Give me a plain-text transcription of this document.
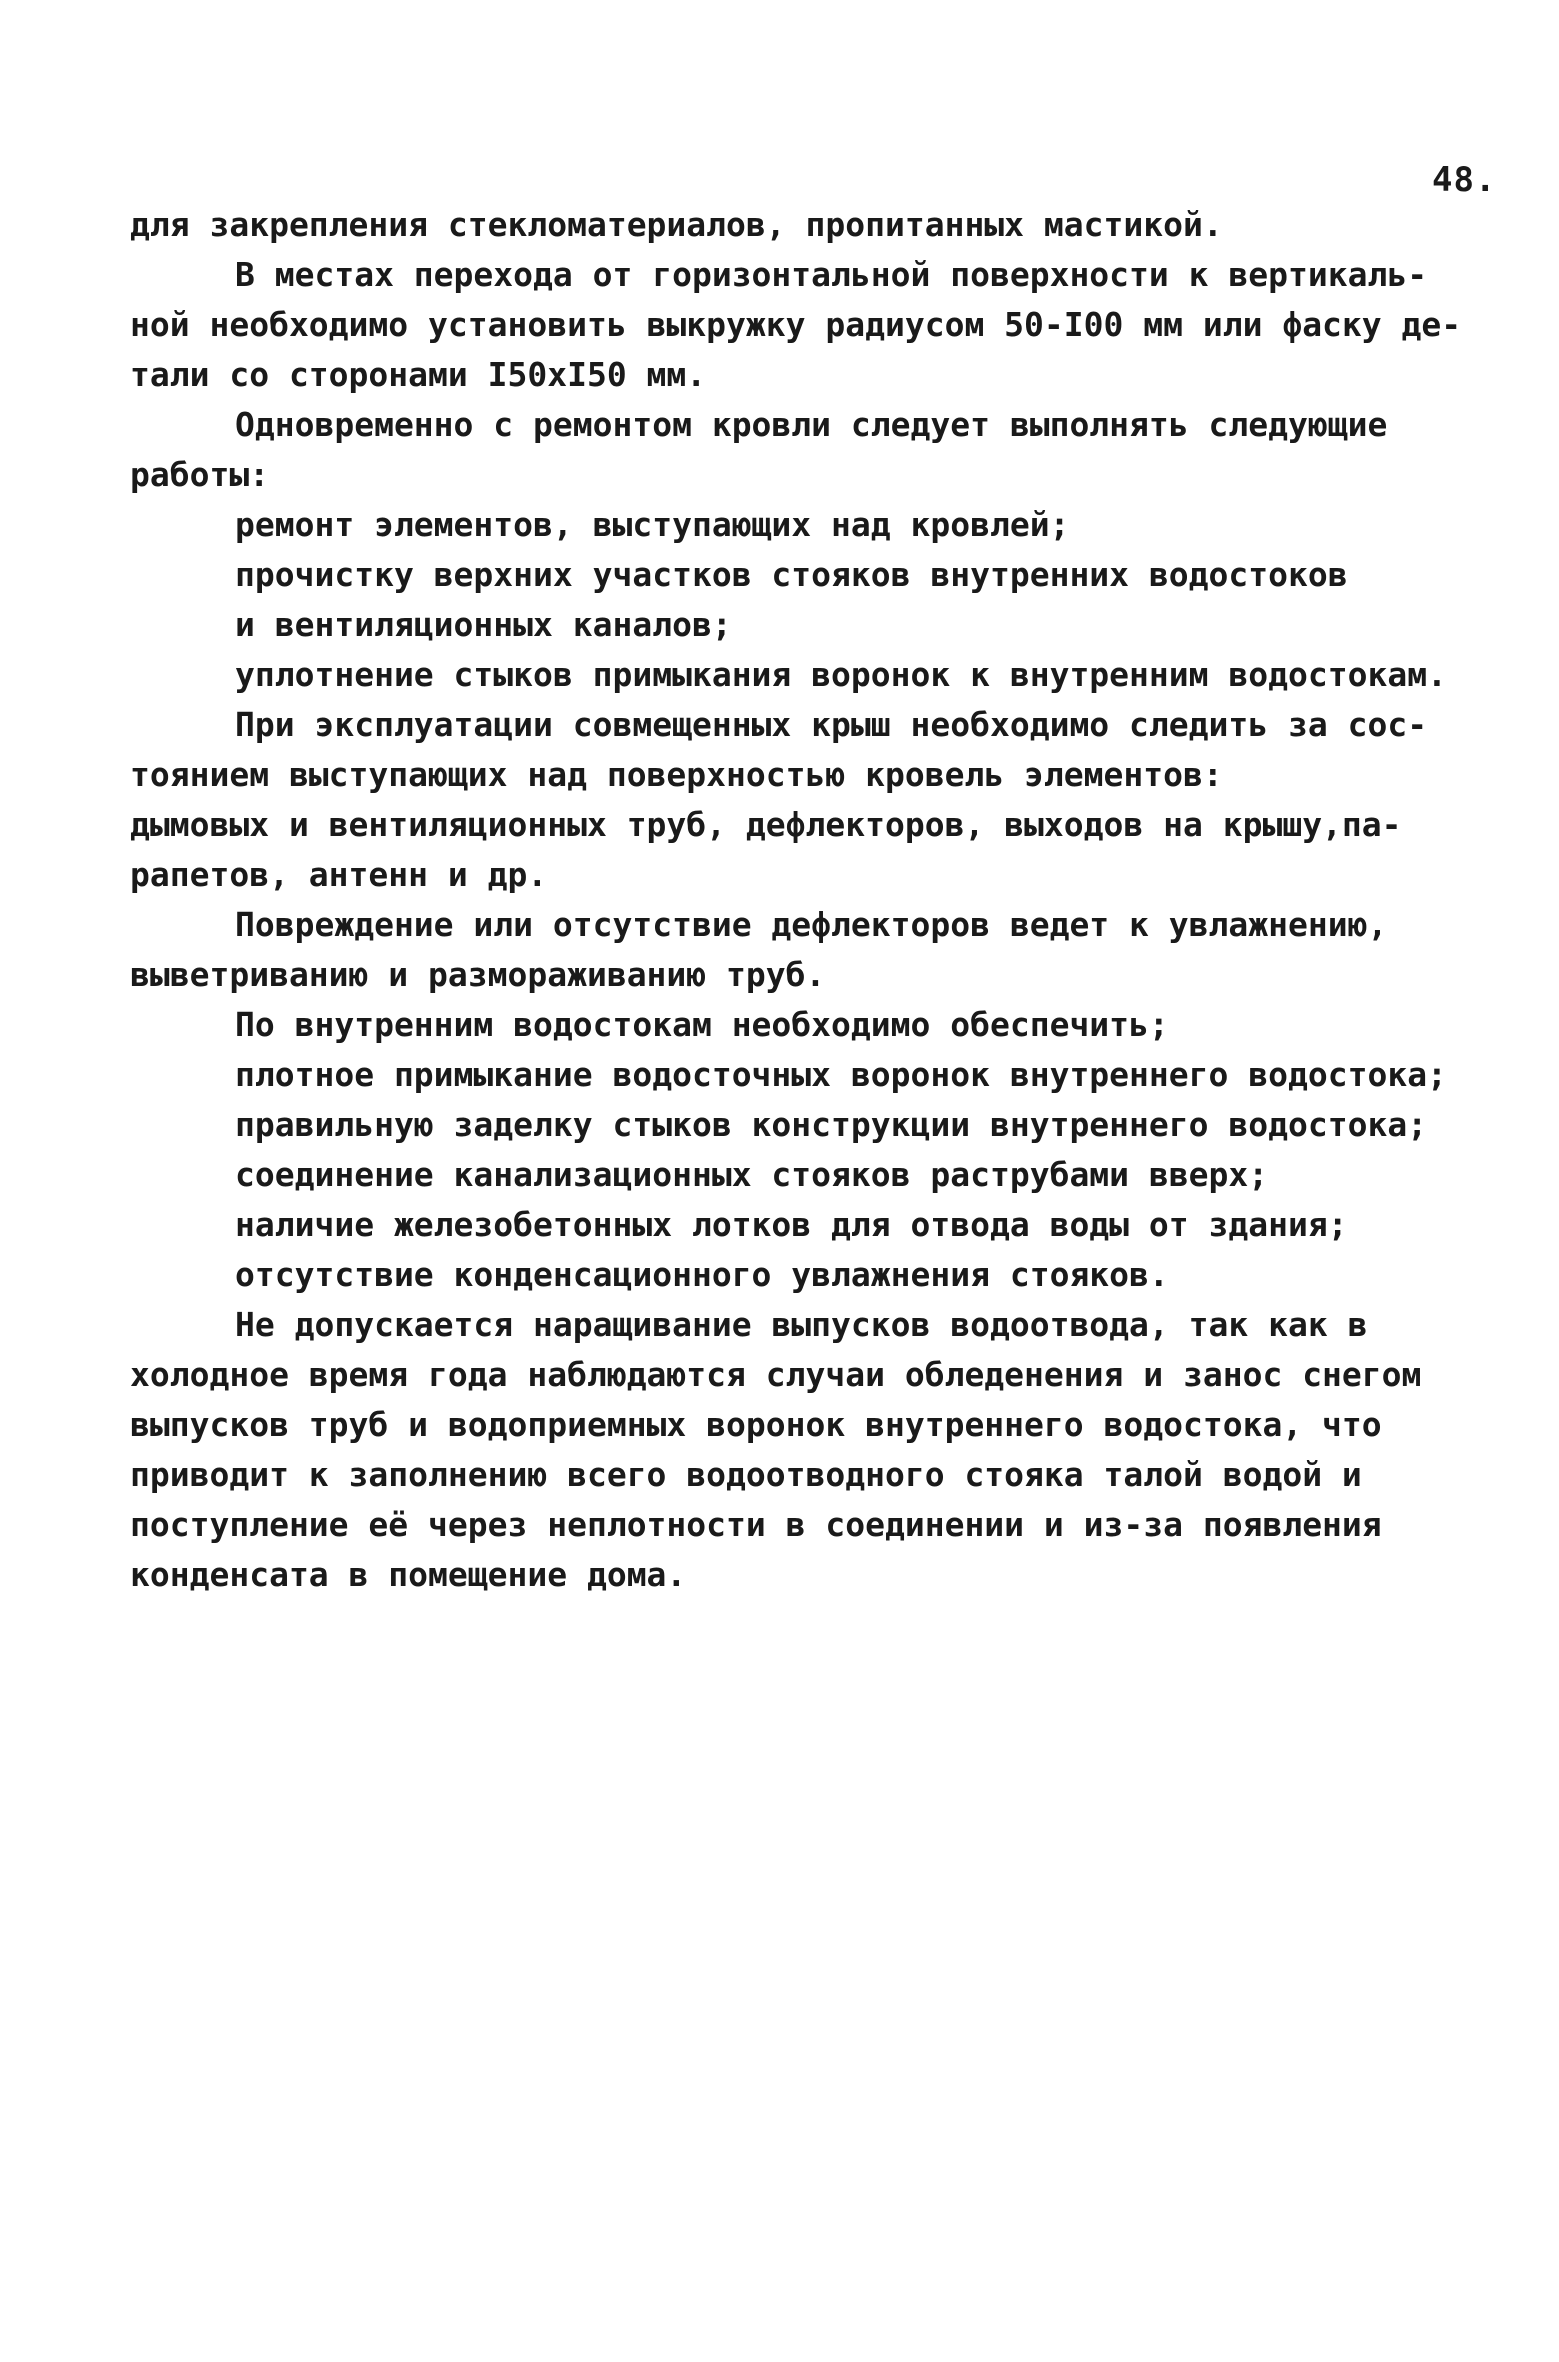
48.
для закрепления стекломатериалов, пропитанных мастикой.
В местах перехода от горизонтальной поверхности к вертикаль-
ной необходимо установить выкружку радиусом 50-I00 мм или фаску де-
тали со сторонами I50xI50 мм.
Одновременно с ремонтом кровли следует выполнять следующие
работы:
ремонт элементов, выступающих над кровлей;
прочистку верхних участков стояков внутренних водостоков
и вентиляционных каналов;
уплотнение стыков примыкания воронок к внутренним водостокам.
При эксплуатации совмещенных крыш необходимо следить за сос-
тоянием выступающих над поверхностью кровель элементов:
дымовых и вентиляционных труб, дефлекторов, выходов на крышу,па-
рапетов, антенн и др.
Повреждение или отсутствие дефлекторов ведет к увлажнению,
выветриванию и размораживанию труб.
По внутренним водостокам необходимо обеспечить;
плотное примыкание водосточных воронок внутреннего водостока;
правильную заделку стыков конструкции внутреннего водостока;
соединение канализационных стояков раструбами вверх;
наличие железобетонных лотков для отвода воды от здания;
отсутствие конденсационного увлажнения стояков.
Не допускается наращивание выпусков водоотвода, так как в
холодное время года наблюдаются случаи обледенения и занос снегом
выпусков труб и водоприемных воронок внутреннего водостока, что
приводит к заполнению всего водоотводного стояка талой водой и
поступление её через неплотности в соединении и из-за появления
конденсата в помещение дома.
